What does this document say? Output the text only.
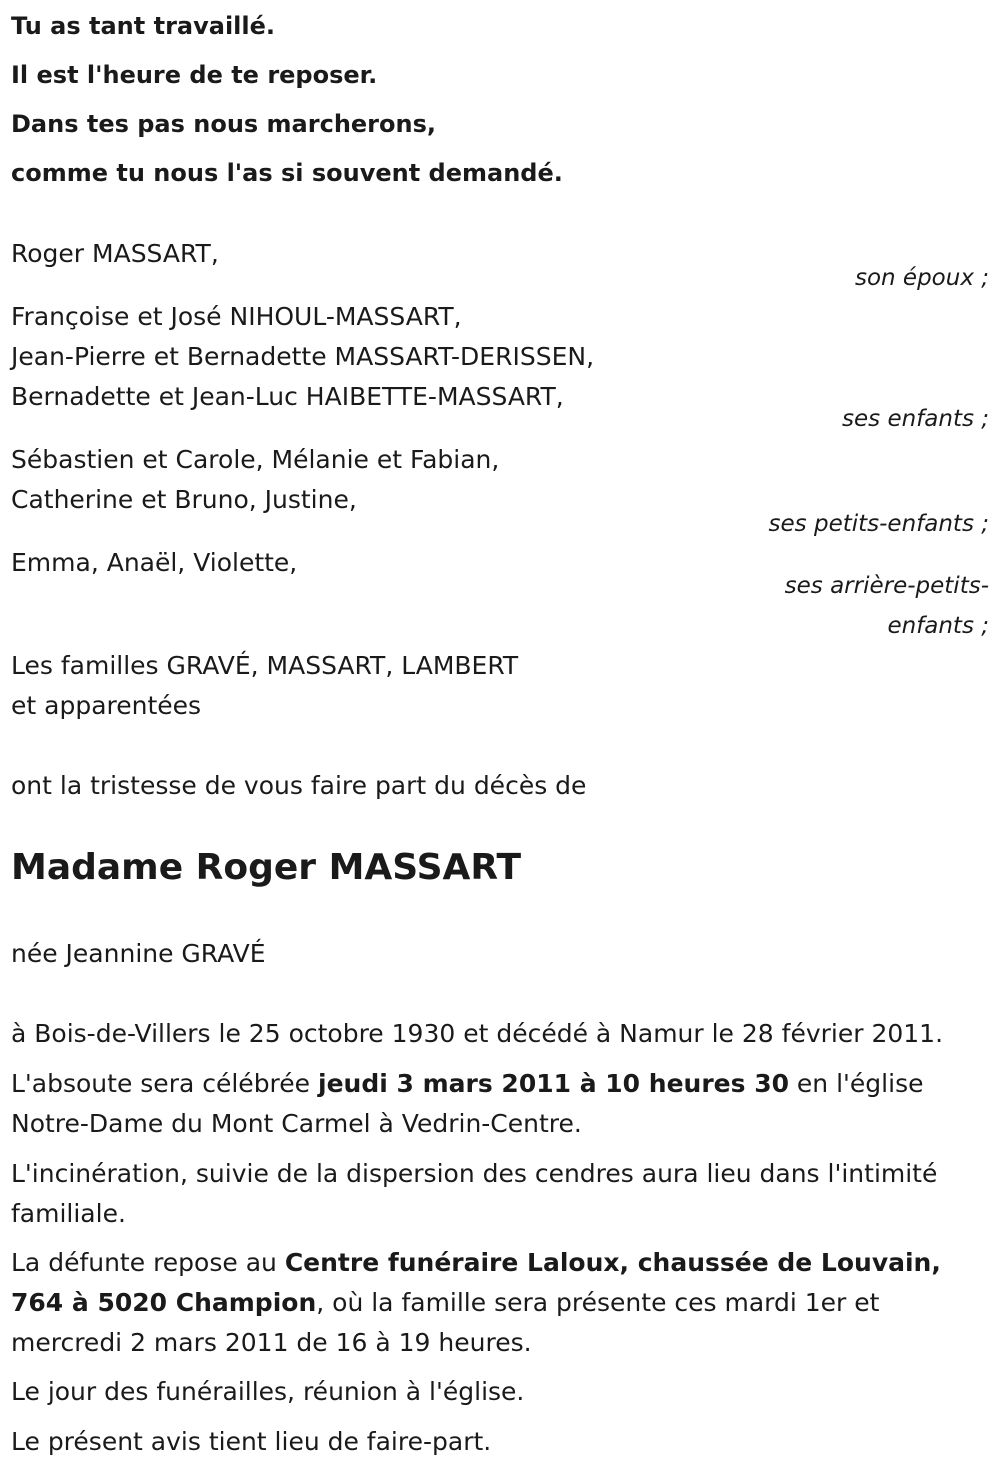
Tu as tant travaillé.

Il est l'heure de te reposer.

Dans tes pas nous marcherons,

comme tu nous l'as si souvent demandé.

Roger MASSART,
son époux ;
Françoise et José NIHOUL-MASSART,
Jean-Pierre et Bernadette MASSART-DERISSEN,
Bernadette et Jean-Luc HAIBETTE-MASSART,
ses enfants ;
Sébastien et Carole, Mélanie et Fabian,
Catherine et Bruno, Justine,
ses petits-enfants ;
Emma, Anaël, Violette,
ses arrière-petits-
enfants ;
Les familles GRAVÉ, MASSART, LAMBERT
et apparentées

ont la tristesse de vous faire part du décès de

Madame Roger MASSART

née Jeannine GRAVÉ

à Bois-de-Villers le 25 octobre 1930 et décédé à Namur le 28 février 2011.

L'absoute sera célébrée jeudi 3 mars 2011 à 10 heures 30 en l'église
Notre-Dame du Mont Carmel à Vedrin-Centre.
L'incinération, suivie de la dispersion des cendres aura lieu dans l'intimité
familiale.
La défunte repose au Centre funéraire Laloux, chaussée de Louvain,
764 à 5020 Champion, où la famille sera présente ces mardi 1er et
mercredi 2 mars 2011 de 16 à 19 heures.

Le jour des funérailles, réunion à l'église.

Le présent avis tient lieu de faire-part.
